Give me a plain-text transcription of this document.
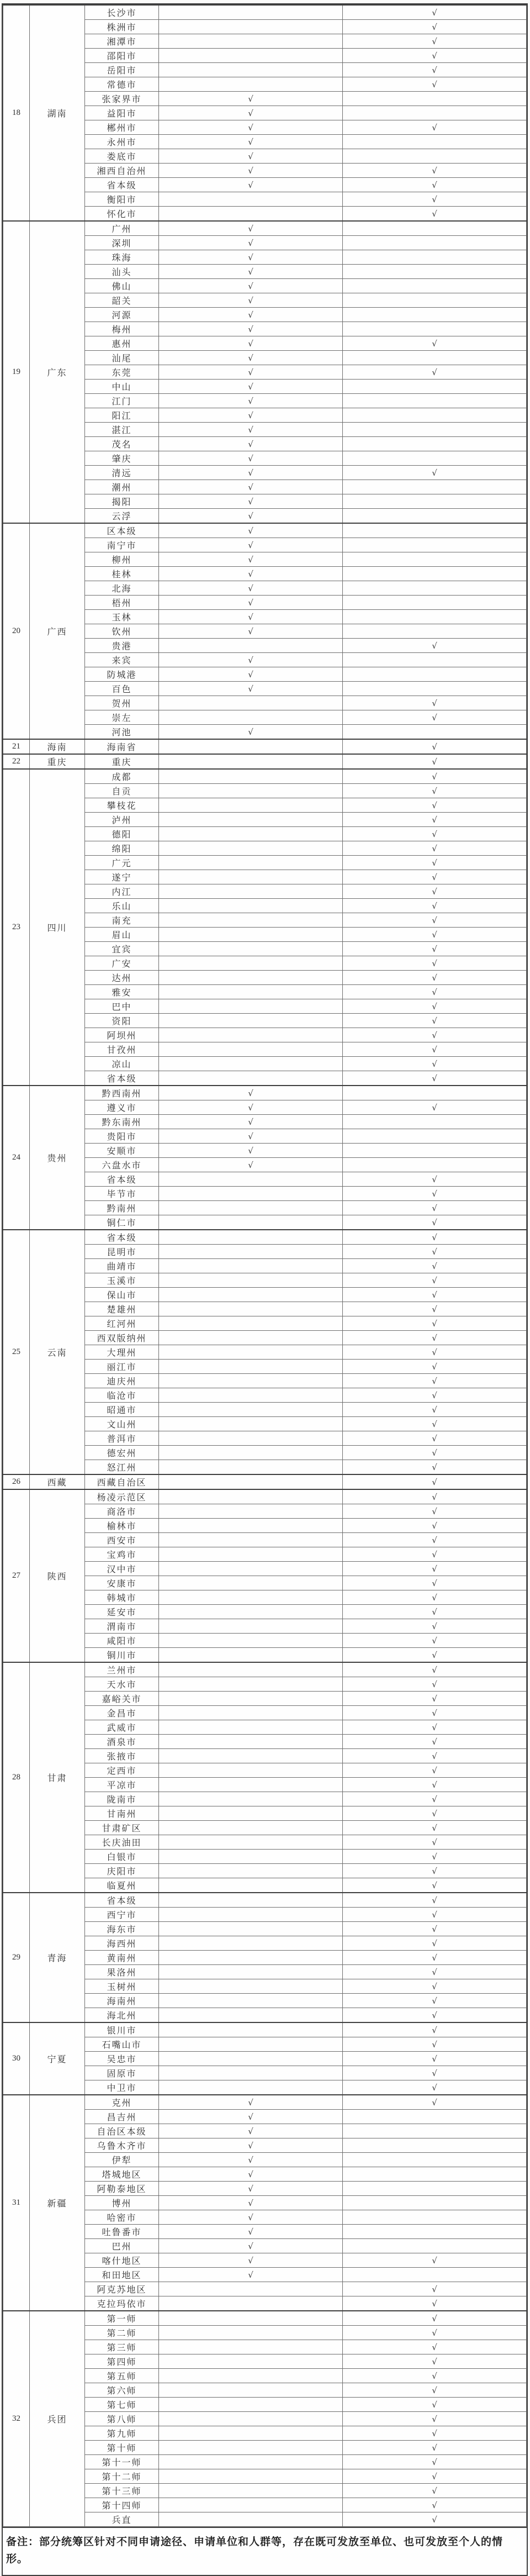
18	湖南	长沙市		√
		株洲市		√
		湘潭市		√
		邵阳市		√
		岳阳市		√
		常德市		√
		张家界市	√	
		益阳市	√	
		郴州市	√	√
		永州市	√	
		娄底市	√	
		湘西自治州	√	√
		省本级	√	√
		衡阳市		√
		怀化市		√
19	广东	广州	√	
		深圳	√	
		珠海	√	
		汕头	√	
		佛山	√	
		韶关	√	
		河源	√	
		梅州	√	
		惠州	√	√
		汕尾	√	
		东莞	√	√
		中山	√	
		江门	√	
		阳江	√	
		湛江	√	
		茂名	√	
		肇庆	√	
		清远	√	√
		潮州	√	
		揭阳	√	
		云浮	√	
20	广西	区本级	√	
		南宁市	√	
		柳州	√	
		桂林	√	
		北海	√	
		梧州	√	
		玉林	√	
		钦州	√	
		贵港		√
		来宾	√	
		防城港	√	
		百色	√	
		贺州		√
		崇左		√
		河池	√	
21	海南	海南省		√
22	重庆	重庆		√
23	四川	成都		√
		自贡		√
		攀枝花		√
		泸州		√
		德阳		√
		绵阳		√
		广元		√
		遂宁		√
		内江		√
		乐山		√
		南充		√
		眉山		√
		宜宾		√
		广安		√
		达州		√
		雅安		√
		巴中		√
		资阳		√
		阿坝州		√
		甘孜州		√
		凉山		√
		省本级		√
24	贵州	黔西南州	√	
		遵义市	√	√
		黔东南州	√	
		贵阳市	√	
		安顺市	√	
		六盘水市	√	
		省本级		√
		毕节市		√
		黔南州		√
		铜仁市		√
25	云南	省本级		√
		昆明市		√
		曲靖市		√
		玉溪市		√
		保山市		√
		楚雄州		√
		红河州		√
		西双版纳州		√
		大理州		√
		丽江市		√
		迪庆州		√
		临沧市		√
		昭通市		√
		文山州		√
		普洱市		√
		德宏州		√
		怒江州		√
26	西藏	西藏自治区		√
27	陕西	杨凌示范区		√
		商洛市		√
		榆林市		√
		西安市		√
		宝鸡市		√
		汉中市		√
		安康市		√
		韩城市		√
		延安市		√
		渭南市		√
		咸阳市		√
		铜川市		√
28	甘肃	兰州市		√
		天水市		√
		嘉峪关市		√
		金昌市		√
		武威市		√
		酒泉市		√
		张掖市		√
		定西市		√
		平凉市		√
		陇南市		√
		甘南州		√
		甘肃矿区		√
		长庆油田		√
		白银市		√
		庆阳市		√
		临夏州		√
29	青海	省本级		√
		西宁市		√
		海东市		√
		海西州		√
		黄南州		√
		果洛州		√
		玉树州		√
		海南州		√
		海北州		√
30	宁夏	银川市		√
		石嘴山市		√
		吴忠市		√
		固原市		√
		中卫市		√
31	新疆	克州	√	√
		昌吉州	√	
		自治区本级	√	
		乌鲁木齐市	√	
		伊犁	√	
		塔城地区	√	
		阿勒泰地区	√	
		博州	√	
		哈密市	√	
		吐鲁番市	√	
		巴州	√	
		喀什地区	√	√
		和田地区	√	
		阿克苏地区		√
		克拉玛依市		√
32	兵团	第一师		√
		第二师		√
		第三师		√
		第四师		√
		第五师		√
		第六师		√
		第七师		√
		第八师		√
		第九师		√
		第十师		√
		第十一师		√
		第十二师		√
		第十三师		√
		第十四师		√
		兵直		√
备注：部分统筹区针对不同申请途径、申请单位和人群等，存在既可发放至单位、也可发放至个人的情形。
